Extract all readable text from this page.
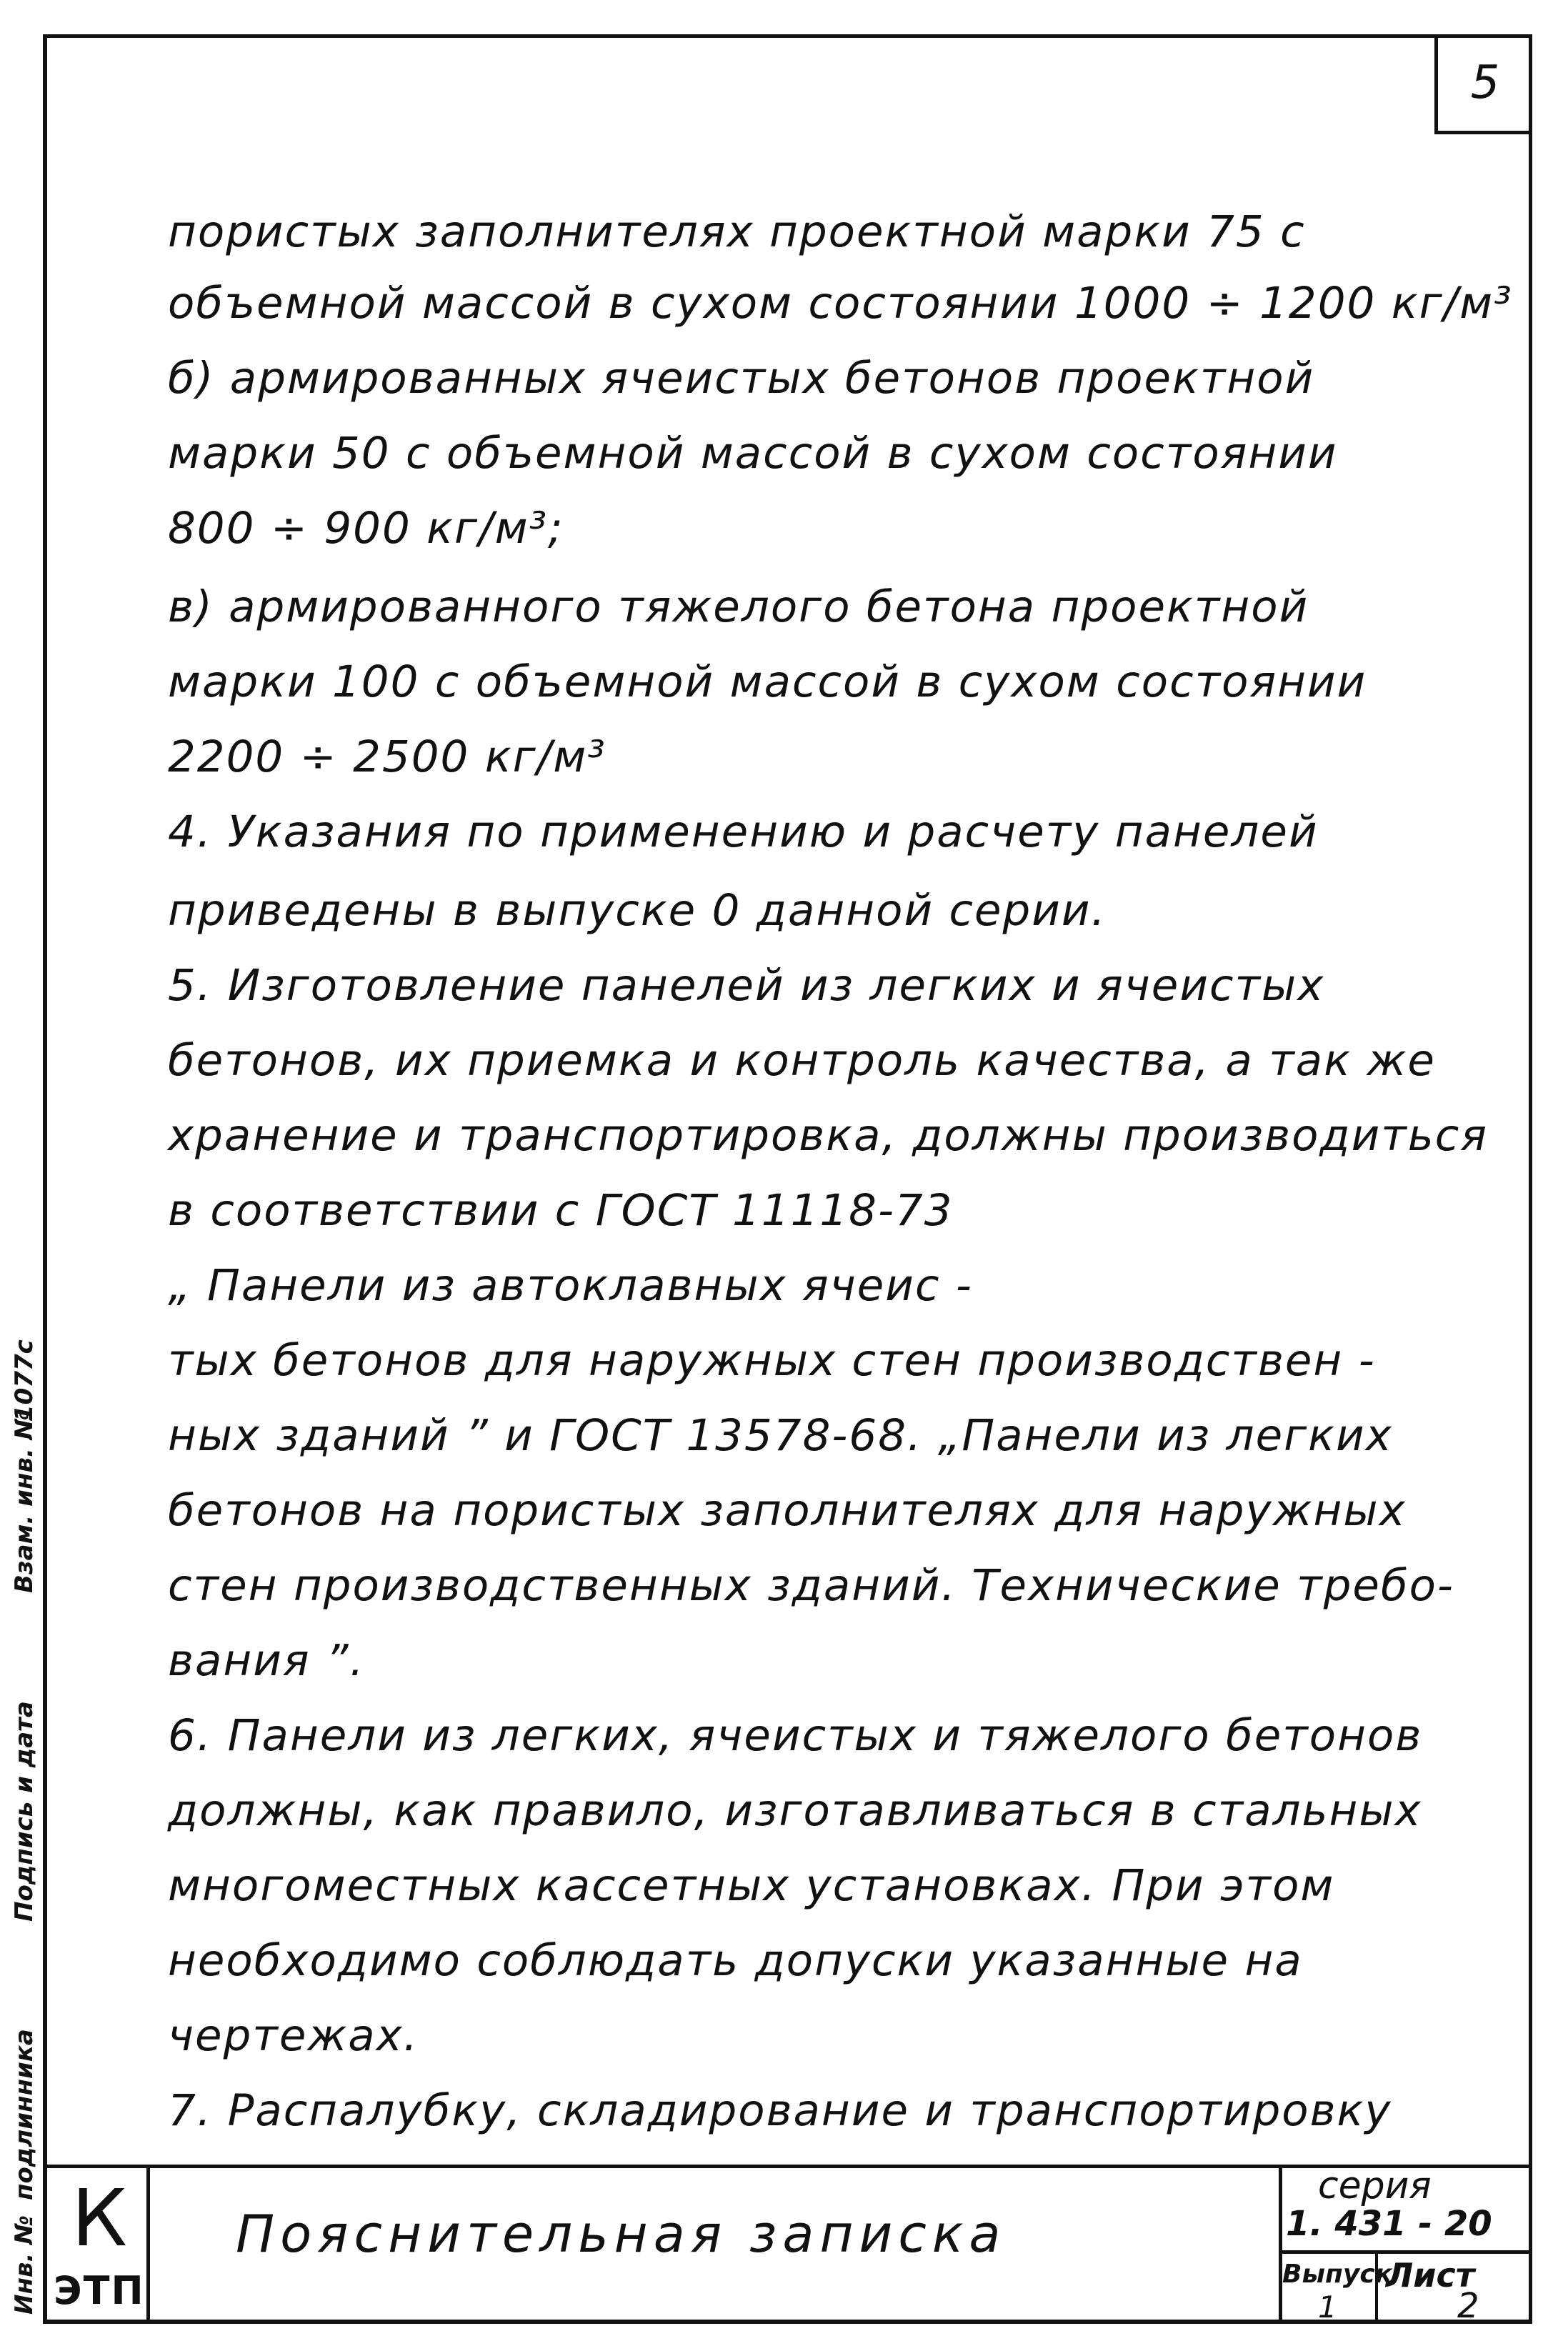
5
Инв. №
подлинника
Подпись и дата
Взам. инв. №
1077с
пористых заполнителях проектной марки 75 с
объемной массой в сухом состоянии 1000 ÷ 1200 кг/м³
б) армированных ячеистых бетонов проектной
марки 50 с объемной массой в сухом состоянии
800 ÷ 900 кг/м³;
в) армированного тяжелого бетона проектной
марки 100 с объемной массой в сухом состоянии
2200 ÷ 2500 кг/м³
4. Указания по применению и расчету панелей
приведены в выпуске 0 данной серии.
5. Изготовление панелей из легких и ячеистых
бетонов, их приемка и контроль качества, а так же
хранение и транспортировка, должны производиться
в соответствии с ГОСТ 11118-73
„ Панели из автоклавных ячеис -
тых бетонов для наружных стен производствен -
ных зданий ” и ГОСТ 13578-68. „Панели из легких
бетонов на пористых заполнителях для наружных
стен производственных зданий. Технические требо-
вания ”.
6. Панели из легких, ячеистых и тяжелого бетонов
должны, как правило, изготавливаться в стальных
многоместных кассетных установках. При этом
необходимо соблюдать допуски указанные на
чертежах.
7. Распалубку, складирование и транспортировку
К
ЭТП
Пояснительная записка
серия
1. 431 - 20
Выпуск
1
Лист
2
